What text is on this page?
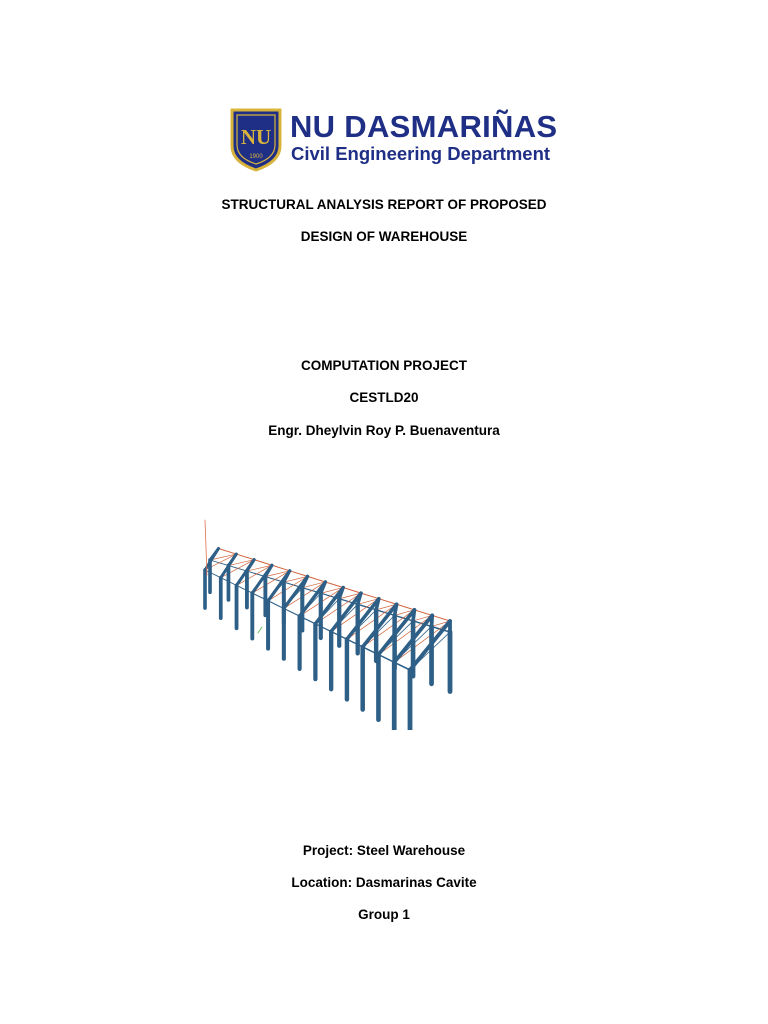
NU
1900
NU DASMARIÑAS
Civil Engineering Department
STRUCTURAL ANALYSIS REPORT OF PROPOSED
DESIGN OF WAREHOUSE
COMPUTATION PROJECT
CESTLD20
Engr. Dheylvin Roy P. Buenaventura
Project: Steel Warehouse
Location: Dasmarinas Cavite
Group 1
